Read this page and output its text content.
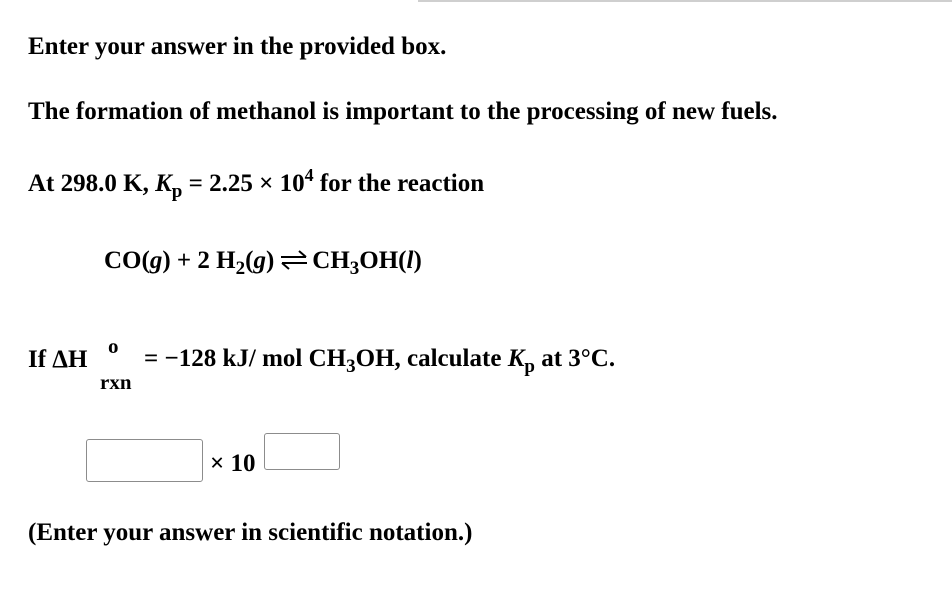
Enter your answer in the provided box.
The formation of methanol is important to the processing of new fuels.
At 298.0 K, $K_p = 2.25 \times 10^4$ for the reaction
CO(g) + 2 $H_2(g)$ ⇌ $CH_3OH(l)$
If ΔH o
rxn
= −128 kJ/ mol $CH_3OH$, calculate $K_p$ at 3°C.
× 10
(Enter your answer in scientific notation.)
